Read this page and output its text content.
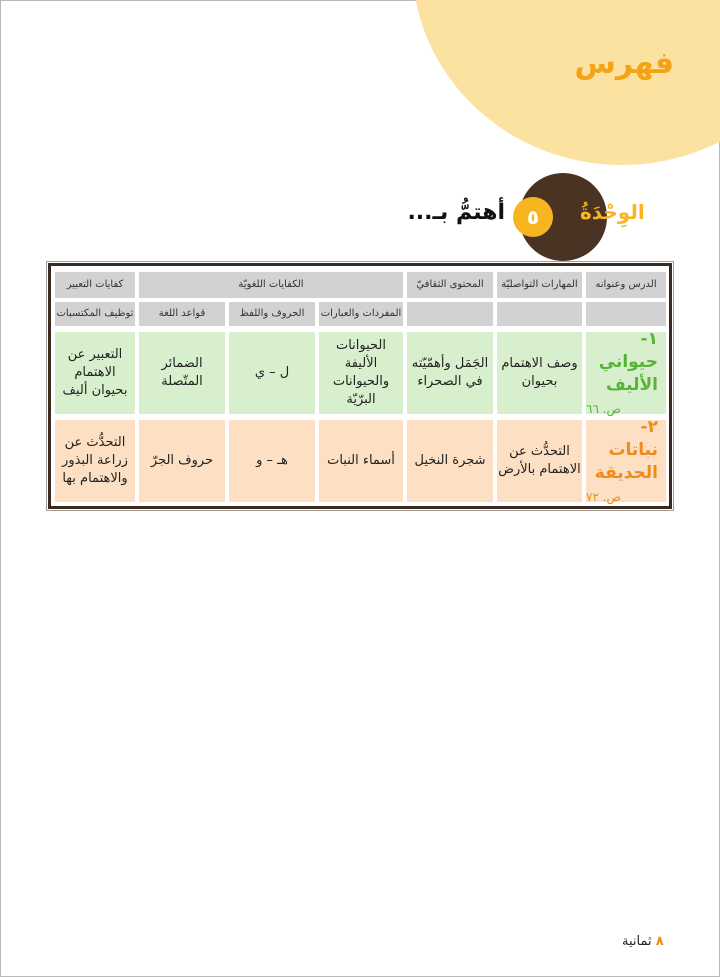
فهرس
الوِحْدَةُ
٥
أهتمُّ بـ...
الدرس وعنوانه
المهارات التواصليّة
المحتوى الثقافيّ
الكفايات اللغويّة
كفايات التعبير
المفردات والعبارات
الحروف واللفظ
قواعد اللغة
توظيف المكتسبات
١- حيواني الأليف
ص. ٦٦
وصف الاهتمام بحيوان
الجَمَل وأهمّيّته في الصحراء
الحيوانات الأليفة والحيوانات البرّيّة
ل – ي
الضمائر المتّصلة
التعبير عن الاهتمام بحيوان أليف
٢- نباتات الحديقة
ص. ٧٢
التحدُّث عن الاهتمام بالأرض
شجرة النخيل
أسماء النبات
هـ – و
حروف الجرّ
التحدُّث عن زراعة البذور والاهتمام بها
٨ ثمانية
